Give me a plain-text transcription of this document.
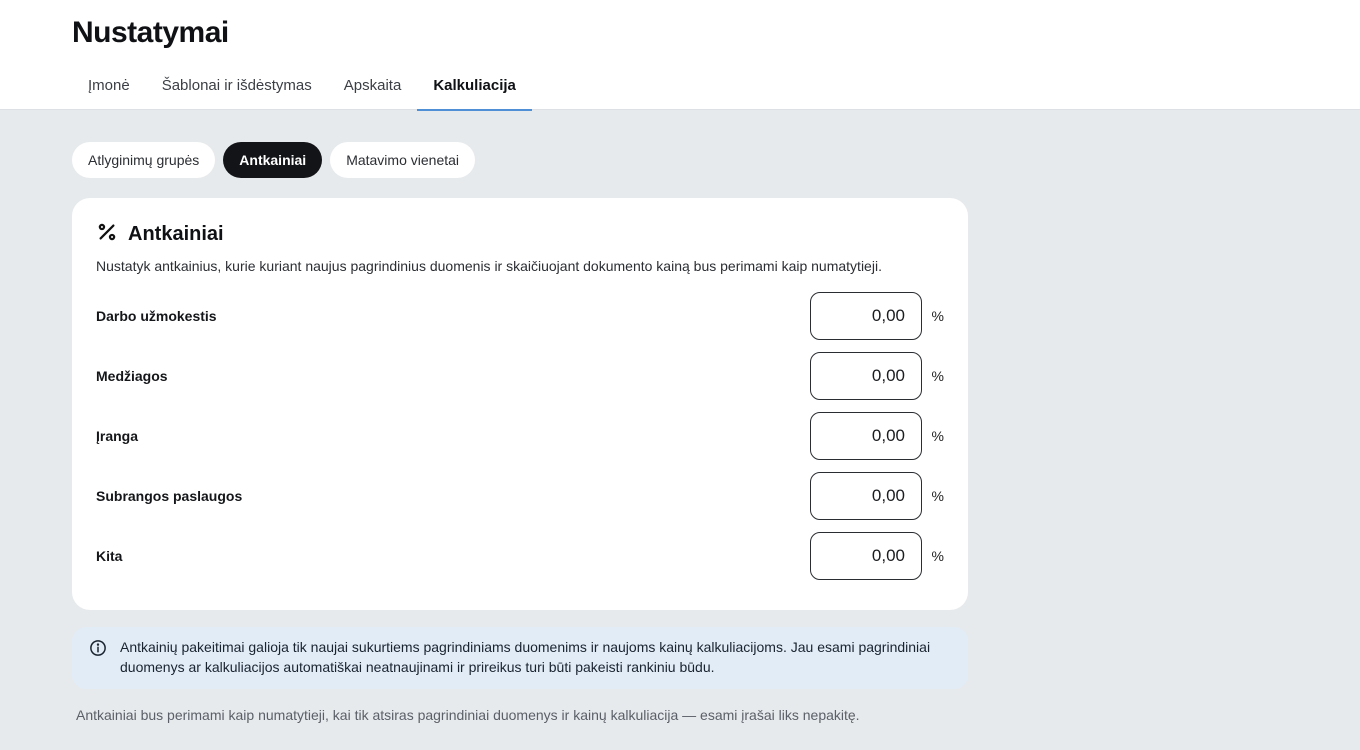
Nustatymai
Įmonė	Šablonai ir išdėstymas	Apskaita	Kalkuliacija
Atlyginimų grupės	Antkainiai	Matavimo vienetai
Antkainiai

Nustatyk antkainius, kurie kuriant naujus pagrindinius duomenis ir skaičiuojant dokumento kainą bus perimami kaip numatytieji.

Darbo užmokestis
0,00	%
Medžiagos
0,00	%
Įranga
0,00	%
Subrangos paslaugos
0,00	%
Kita
0,00	%
Antkainių pakeitimai galioja tik naujai sukurtiems pagrindiniams duomenims ir naujoms kainų kalkuliacijoms. Jau esami pagrindiniai duomenys ar kalkuliacijos automatiškai neatnaujinami ir prireikus turi būti pakeisti rankiniu būdu.

Antkainiai bus perimami kaip numatytieji, kai tik atsiras pagrindiniai duomenys ir kainų kalkuliacija — esami įrašai liks nepakitę.
